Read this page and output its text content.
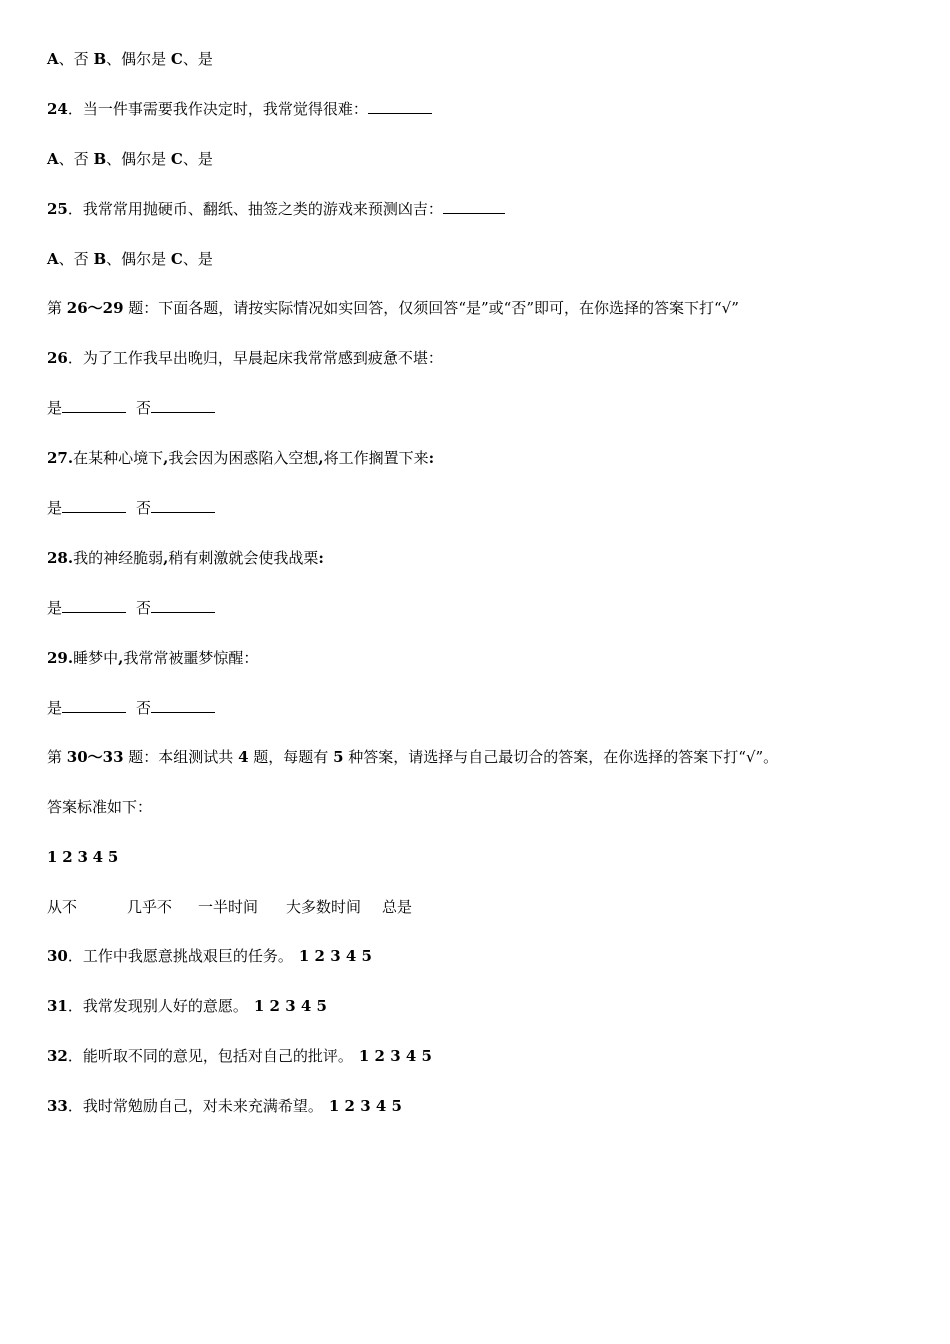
A、否 B、偶尔是 C、是
24．当一件事需要我作决定时，我常觉得很难：
A、否 B、偶尔是 C、是
25．我常常用抛硬币、翻纸、抽签之类的游戏来预测凶吉：
A、否 B、偶尔是 C、是
第 26～29 题：下面各题，请按实际情况如实回答，仅须回答“是”或“否”即可，在你选择的答案下打“√”
26．为了工作我早出晚归，早晨起床我常常感到疲惫不堪：
是	否
27.在某种心境下,我会因为困惑陷入空想,将工作搁置下来:
是	否
28.我的神经脆弱,稍有刺激就会使我战栗:
是	否
29.睡梦中,我常常被噩梦惊醒：
是	否
第 30～33 题：本组测试共 4 题，每题有 5 种答案，请选择与自己最切合的答案，在你选择的答案下打“√”。
答案标准如下：
1 2 3 4 5
从不	几乎不 一半时间 大多数时间 总是
30．工作中我愿意挑战艰巨的任务。 1 2 3 4 5
31．我常发现别人好的意愿。 1 2 3 4 5
32．能听取不同的意见，包括对自己的批评。 1 2 3 4 5
33．我时常勉励自己，对未来充满希望。 1 2 3 4 5
